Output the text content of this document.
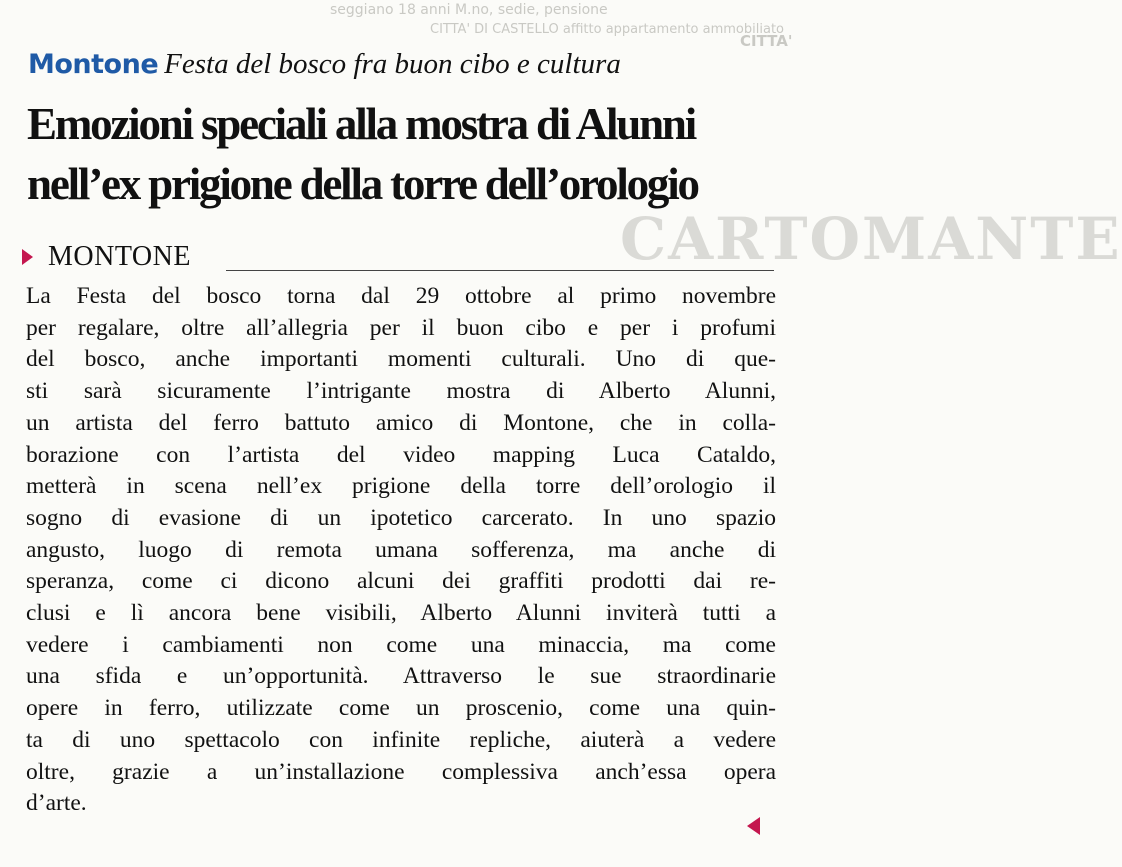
seggiano 18 anni M.no, sedie, pensione
CITTA' DI CASTELLO affitto appartamento ammobiliato
CITTA'
CARTOMANTE
Montone Festa del bosco fra buon cibo e cultura
Emozioni speciali alla mostra di Alunni
nell’ex prigione della torre dell’orologio
MONTONE
La Festa del bosco torna dal 29 ottobre al primo novembre
per regalare, oltre all’allegria per il buon cibo e per i profumi
del bosco, anche importanti momenti culturali. Uno di que-
sti sarà sicuramente l’intrigante mostra di Alberto Alunni,
un artista del ferro battuto amico di Montone, che in colla-
borazione con l’artista del video mapping Luca Cataldo,
metterà in scena nell’ex prigione della torre dell’orologio il
sogno di evasione di un ipotetico carcerato. In uno spazio
angusto, luogo di remota umana sofferenza, ma anche di
speranza, come ci dicono alcuni dei graffiti prodotti dai re-
clusi e lì ancora bene visibili, Alberto Alunni inviterà tutti a
vedere i cambiamenti non come una minaccia, ma come
una sfida e un’opportunità. Attraverso le sue straordinarie
opere in ferro, utilizzate come un proscenio, come una quin-
ta di uno spettacolo con infinite repliche, aiuterà a vedere
oltre, grazie a un’installazione complessiva anch’essa opera
d’arte.
